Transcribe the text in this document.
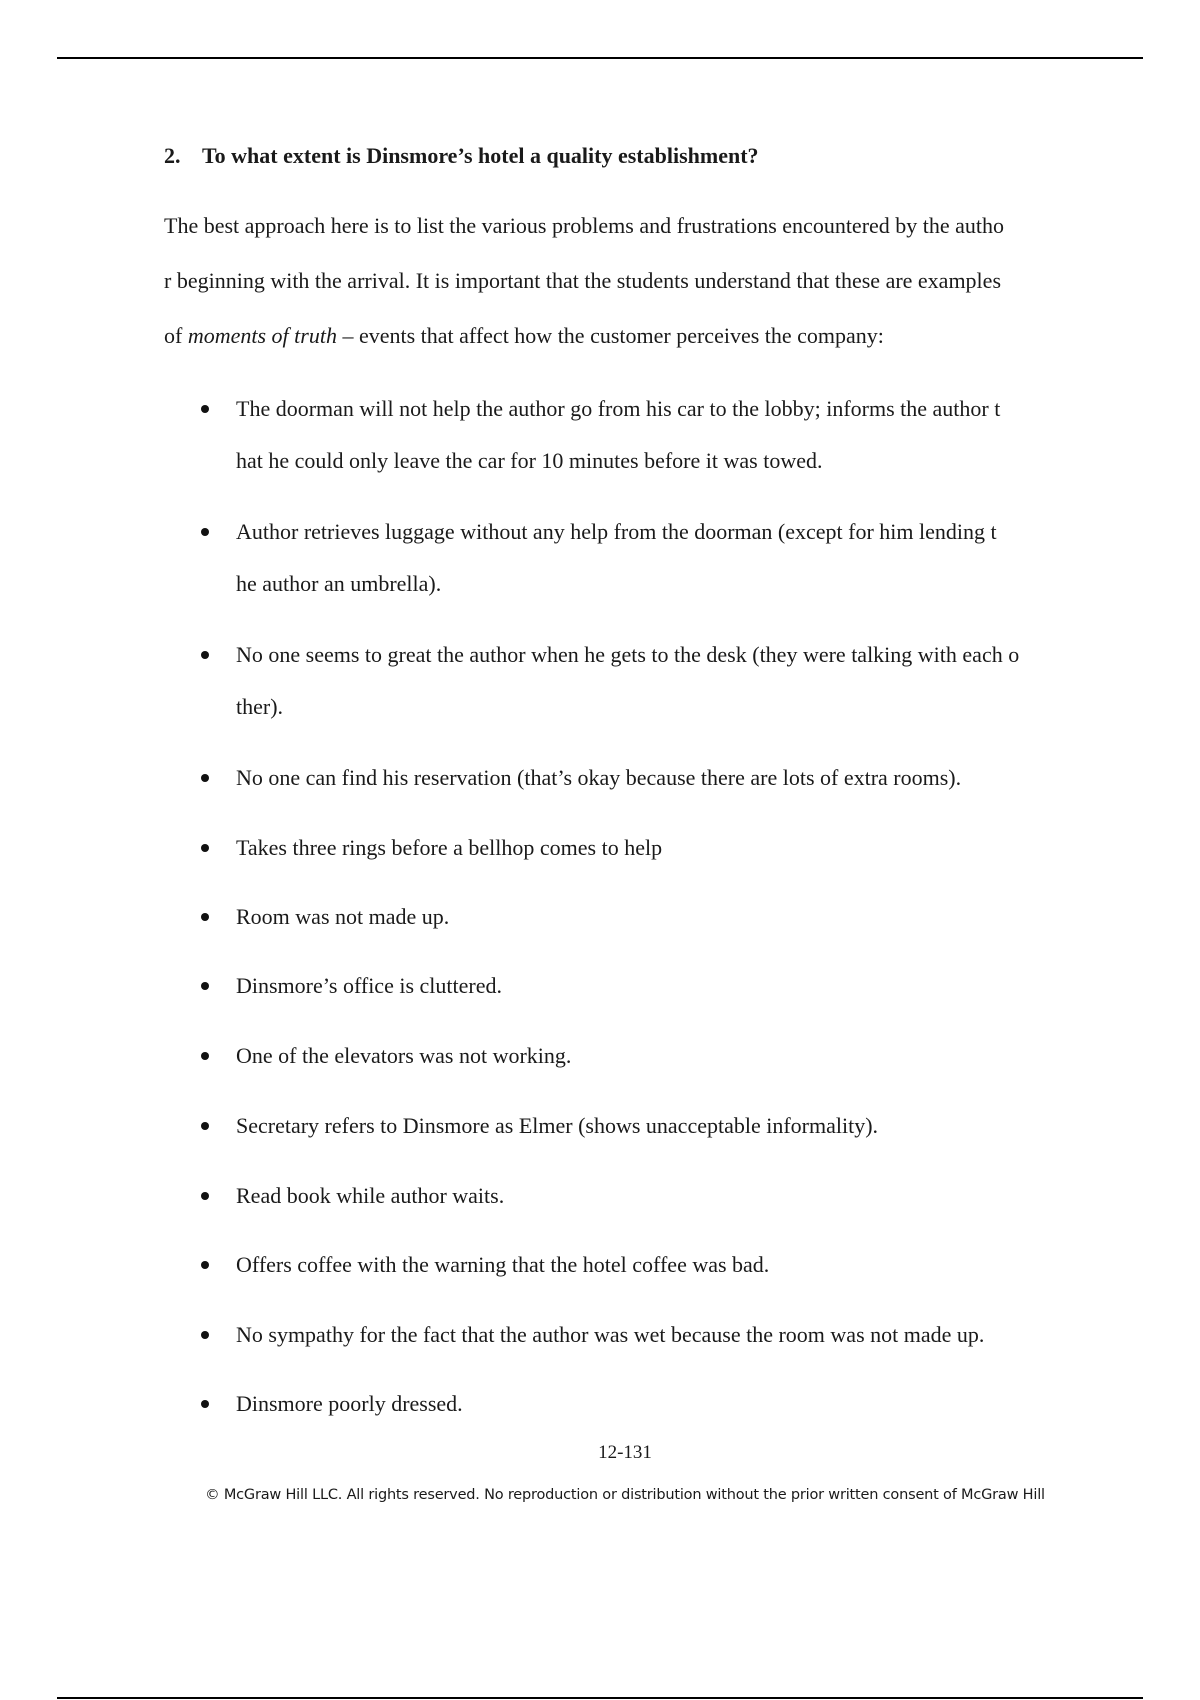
2. To what extent is Dinsmore’s hotel a quality establishment?
The best approach here is to list the various problems and frustrations encountered by the autho
r beginning with the arrival. It is important that the students understand that these are examples
of moments of truth – events that affect how the customer perceives the company:
The doorman will not help the author go from his car to the lobby; informs the author t
hat he could only leave the car for 10 minutes before it was towed.
Author retrieves luggage without any help from the doorman (except for him lending t
he author an umbrella).
No one seems to great the author when he gets to the desk (they were talking with each o
ther).
No one can find his reservation (that’s okay because there are lots of extra rooms).
Takes three rings before a bellhop comes to help
Room was not made up.
Dinsmore’s office is cluttered.
One of the elevators was not working.
Secretary refers to Dinsmore as Elmer (shows unacceptable informality).
Read book while author waits.
Offers coffee with the warning that the hotel coffee was bad.
No sympathy for the fact that the author was wet because the room was not made up.
Dinsmore poorly dressed.
12-131
© McGraw Hill LLC. All rights reserved. No reproduction or distribution without the prior written consent of McGraw Hill
